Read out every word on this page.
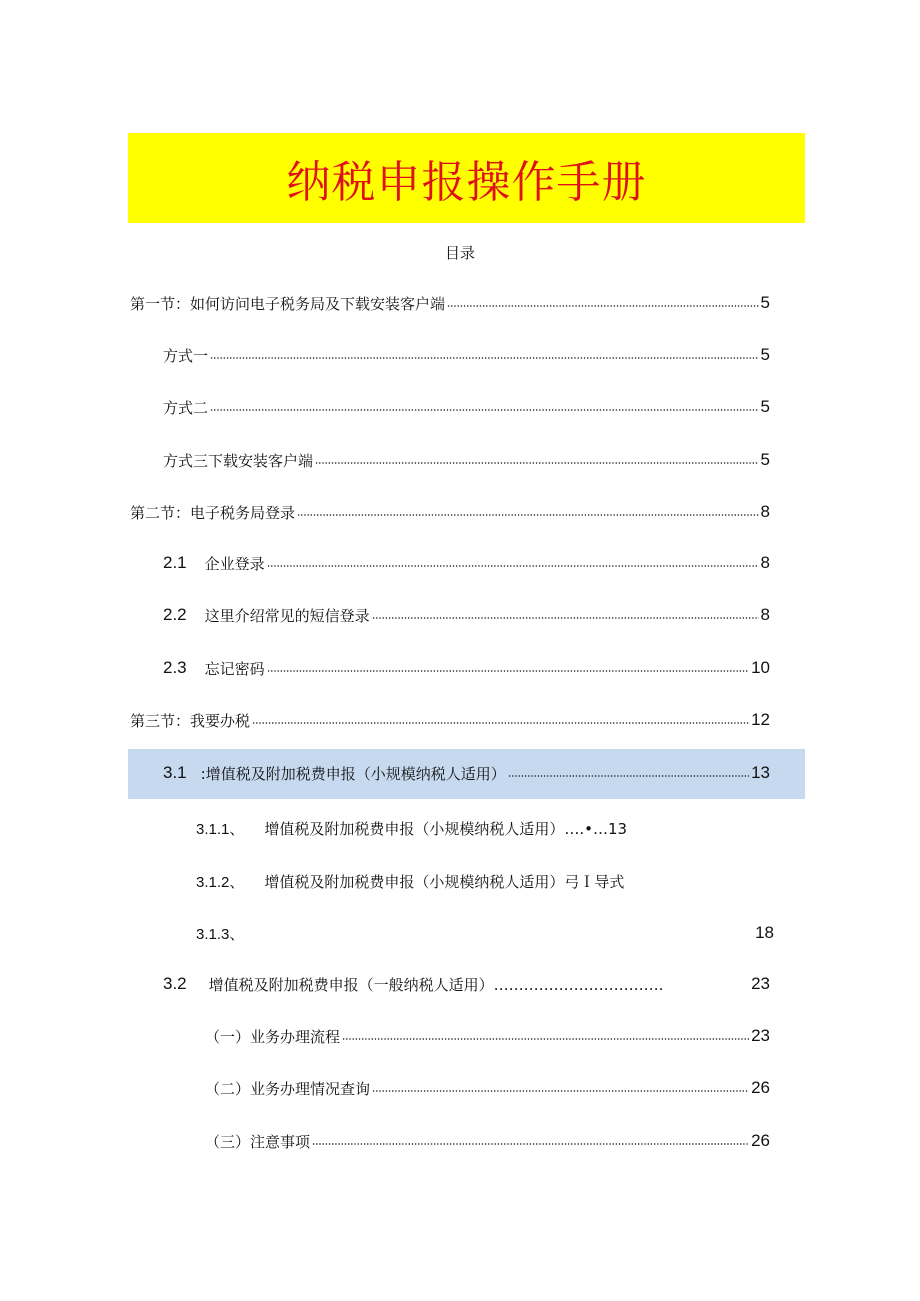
纳税申报操作手册
目录
第一节：如何访问电子税务局及下载安装客户端	5
方式一	5
方式二	5
方式三下载安装客户端	5
第二节：电子税务局登录	8
2.1 企业登录	8
2.2 这里介绍常见的短信登录	8
2.3 忘记密码	10
第三节：我要办税	12
3.1 :增值税及附加税费申报（小规模纳税人适用）	13
3.1.1、 增值税及附加税费申报（小规模纳税人适用）….•…13
3.1.2、 增值税及附加税费申报（小规模纳税人适用）弓Ｉ导式
3.1.3、	18
3.2 增值税及附加税费申报（一般纳税人适用）…………………………….	23
（一）业务办理流程	23
（二）业务办理情况查询	26
（三）注意事项	26
